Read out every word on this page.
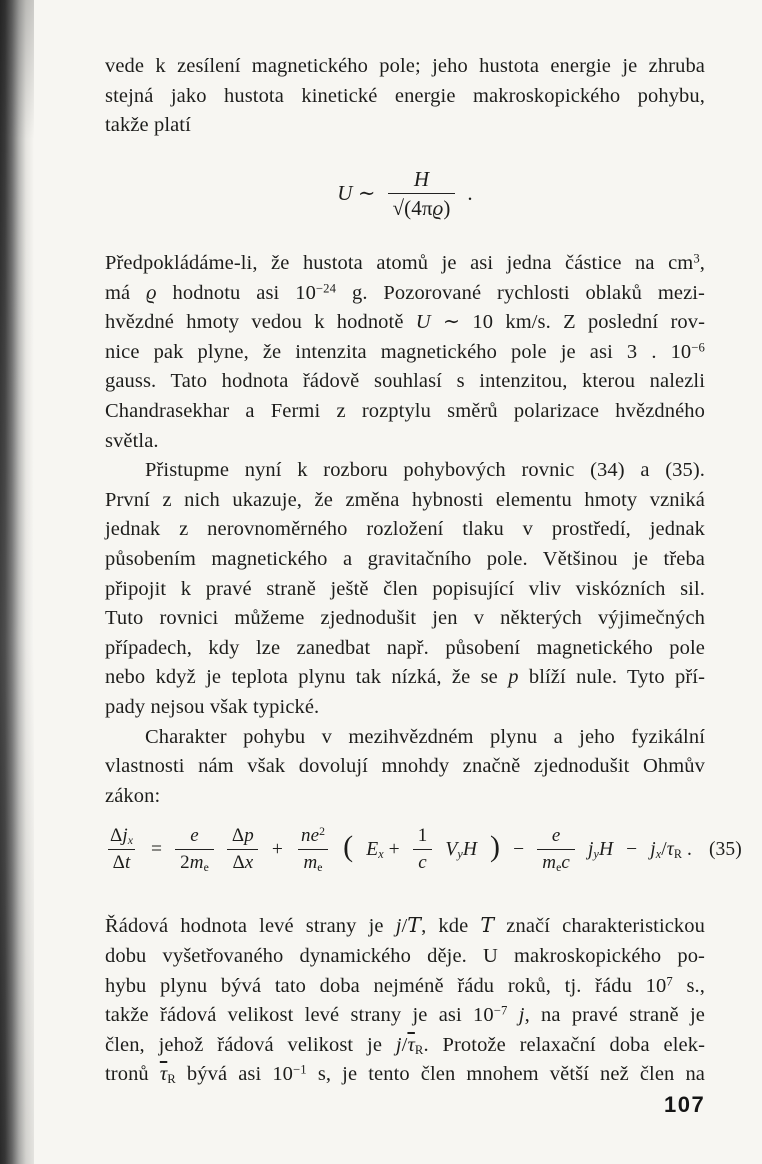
vede k zesílení magnetického pole; jeho hustota energie je zhruba
stejná jako hustota kinetické energie makroskopického pohybu,
takže platí

U ∼ $\frac{H}{√(4\pi ϱ)}$ .

Předpokládáme-li, že hustota atomů je asi jedna částice na $cm^3$,
má ϱ hodnotu asi $10^{-24}$ g. Pozorované rychlosti oblaků mezi-
hvězdné hmoty vedou k hodnotě U ∼ 10 km/s. Z poslední rov-
nice pak plyne, že intenzita magnetického pole je asi 3 . $10^{-6}$
gauss. Tato hodnota řádově souhlasí s intenzitou, kterou nalezli
Chandrasekhar a Fermi z rozptylu směrů polarizace hvězdného
světla.

Přistupme nyní k rozboru pohybových rovnic (34) a (35).
První z nich ukazuje, že změna hybnosti elementu hmoty vzniká
jednak z nerovnoměrného rozložení tlaku v prostředí, jednak
působením magnetického a gravitačního pole. Většinou je třeba
připojit k pravé straně ještě člen popisující vliv viskózních sil.
Tuto rovnici můžeme zjednodušit jen v některých výjimečných
případech, kdy lze zanedbat např. působení magnetického pole
nebo když je teplota plynu tak nízká, že se p blíží nule. Tyto pří-
pady nejsou však typické.

Charakter pohybu v mezihvězdném plynu a jeho fyzikální
vlastnosti nám však dovolují mnohdy značně zjednodušit Ohmův
zákon:

$\frac{\Delta j_x}{\Delta t} = \frac{e}{2m_e} \frac{\Delta p}{\Delta x} + \frac{ne^2}{m_e}$ ( $E_x + \frac{1}{c} V_yH$ ) − $\frac{e}{m_ec} j_yH - j_x/\tau_R$ . (35)

Řádová hodnota levé strany je j/T, kde T značí charakteristickou
dobu vyšetřovaného dynamického děje. U makroskopického po-
hybu plynu bývá tato doba nejméně řádu roků, tj. řádu $10^7$ s.,
takže řádová velikost levé strany je asi $10^{-7}$ j, na pravé straně je
člen, jehož řádová velikost je $j/\overline{\tau}_R$. Protože relaxační doba elek-
tronů $\overline{\tau}_R$ bývá asi $10^{-1}$ s, je tento člen mnohem větší než člen na

107
